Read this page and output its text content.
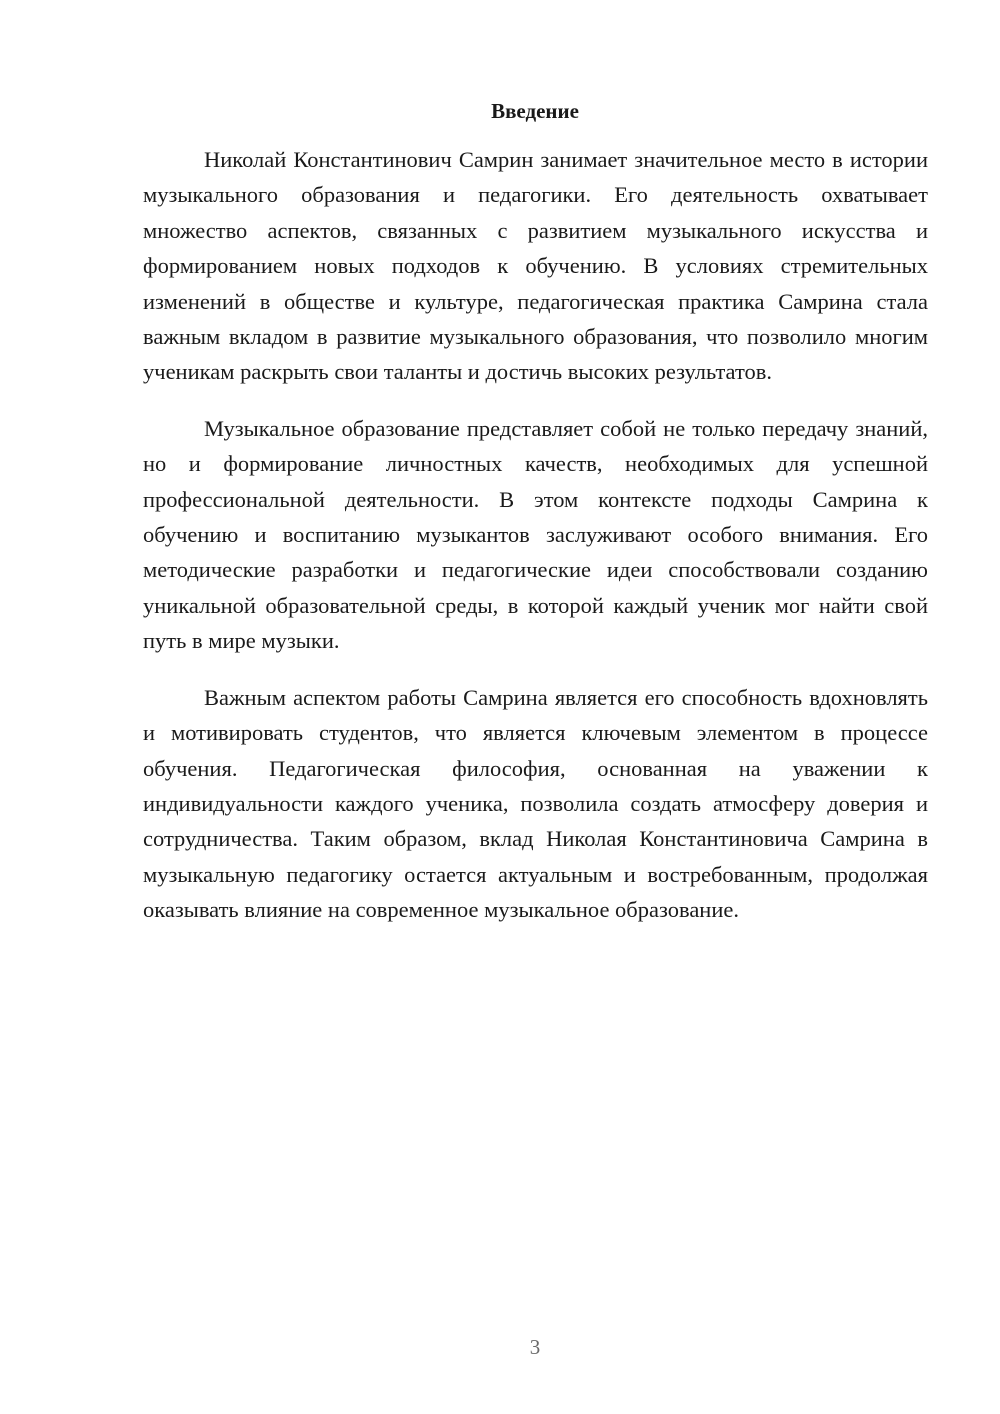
Введение

Николай Константинович Самрин занимает значительное место в истории музыкального образования и педагогики. Его деятельность охватывает множество аспектов, связанных с развитием музыкального искусства и формированием новых подходов к обучению. В условиях стремительных изменений в обществе и культуре, педагогическая практика Самрина стала важным вкладом в развитие музыкального образования, что позволило многим ученикам раскрыть свои таланты и достичь высоких результатов.

Музыкальное образование представляет собой не только передачу знаний, но и формирование личностных качеств, необходимых для успешной профессиональной деятельности. В этом контексте подходы Самрина к обучению и воспитанию музыкантов заслуживают особого внимания. Его методические разработки и педагогические идеи способствовали созданию уникальной образовательной среды, в которой каждый ученик мог найти свой путь в мире музыки.

Важным аспектом работы Самрина является его способность вдохновлять и мотивировать студентов, что является ключевым элементом в процессе обучения. Педагогическая философия, основанная на уважении к индивидуальности каждого ученика, позволила создать атмосферу доверия и сотрудничества. Таким образом, вклад Николая Константиновича Самрина в музыкальную педагогику остается актуальным и востребованным, продолжая оказывать влияние на современное музыкальное образование.

3
